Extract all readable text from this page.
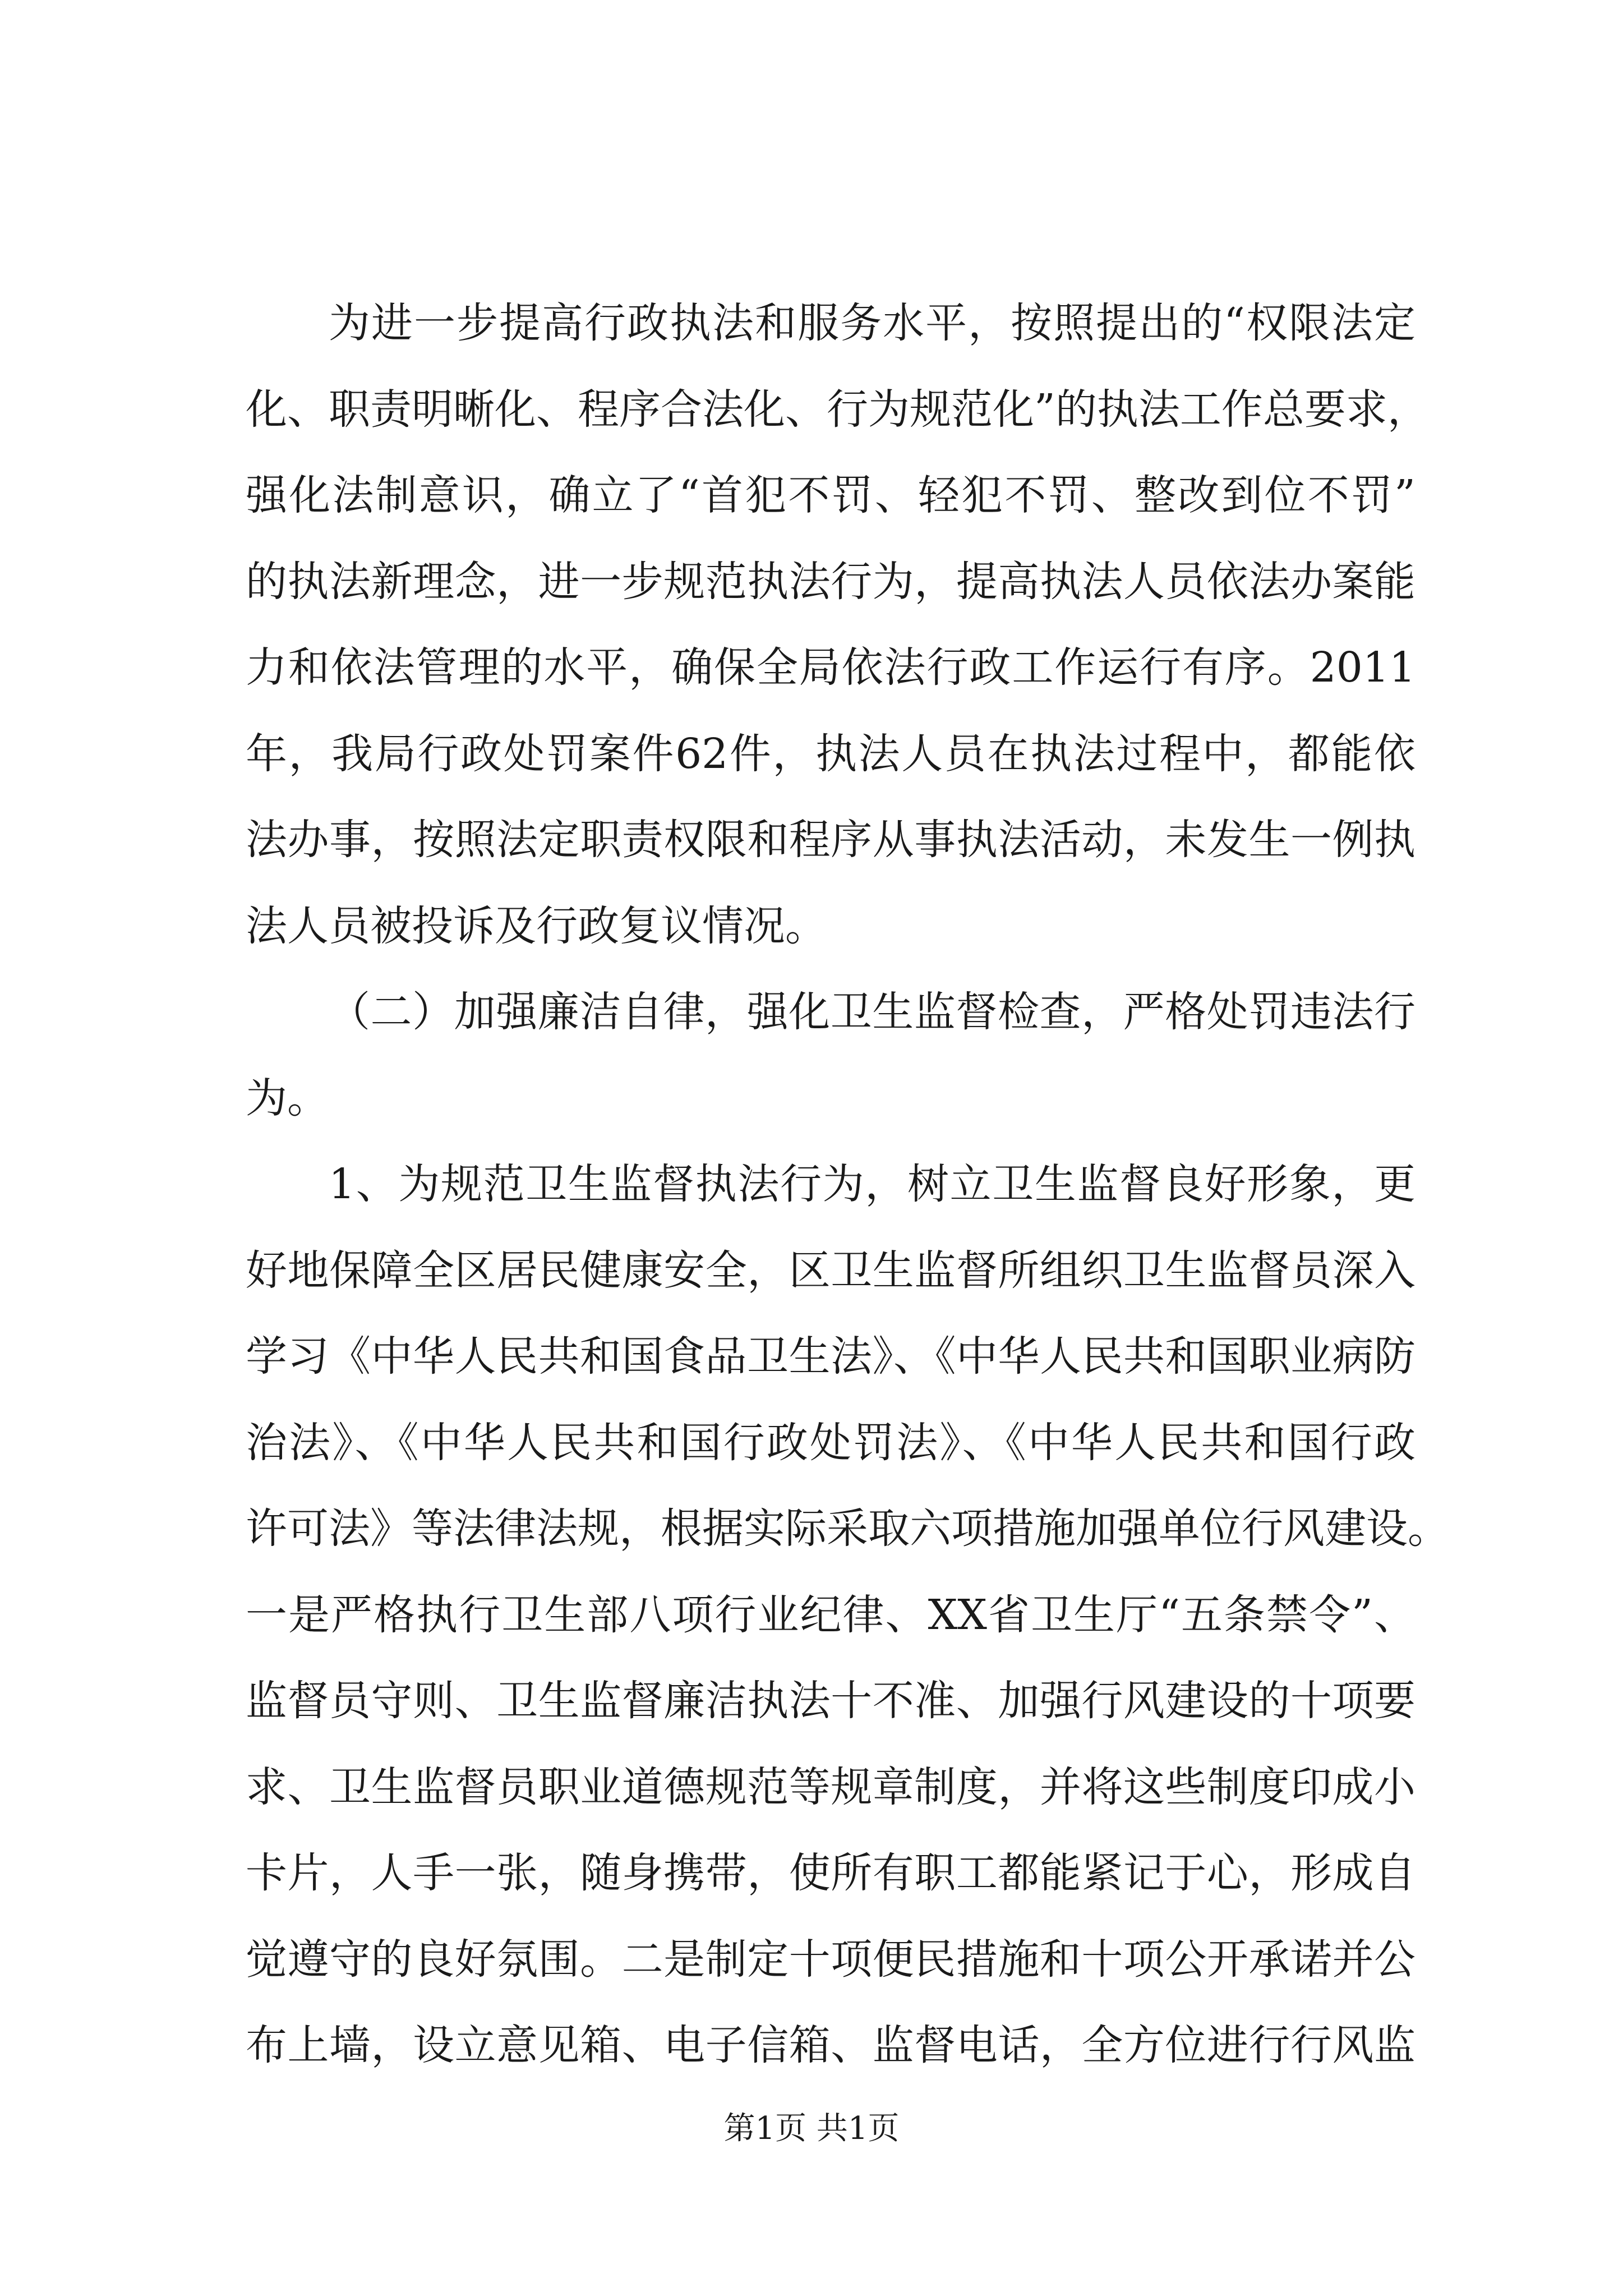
为进一步提高行政执法和服务水平，按照提出的“权限法定
化、职责明晰化、程序合法化、行为规范化”的执法工作总要求，
强化法制意识，确立了“首犯不罚、轻犯不罚、整改到位不罚”
的执法新理念，进一步规范执法行为，提高执法人员依法办案能
力和依法管理的水平，确保全局依法行政工作运行有序。2011
年，我局行政处罚案件62件，执法人员在执法过程中，都能依
法办事，按照法定职责权限和程序从事执法活动，未发生一例执
法人员被投诉及行政复议情况。
（二）加强廉洁自律，强化卫生监督检查，严格处罚违法行
为。
1、为规范卫生监督执法行为，树立卫生监督良好形象，更
好地保障全区居民健康安全，区卫生监督所组织卫生监督员深入
学习《中华人民共和国食品卫生法》、《中华人民共和国职业病防
治法》、《中华人民共和国行政处罚法》、《中华人民共和国行政
许可法》等法律法规，根据实际采取六项措施加强单位行风建设。
一是严格执行卫生部八项行业纪律、XX省卫生厅“五条禁令”、
监督员守则、卫生监督廉洁执法十不准、加强行风建设的十项要
求、卫生监督员职业道德规范等规章制度，并将这些制度印成小
卡片，人手一张，随身携带，使所有职工都能紧记于心，形成自
觉遵守的良好氛围。二是制定十项便民措施和十项公开承诺并公
布上墙，设立意见箱、电子信箱、监督电话，全方位进行行风监
第1页 共1页
